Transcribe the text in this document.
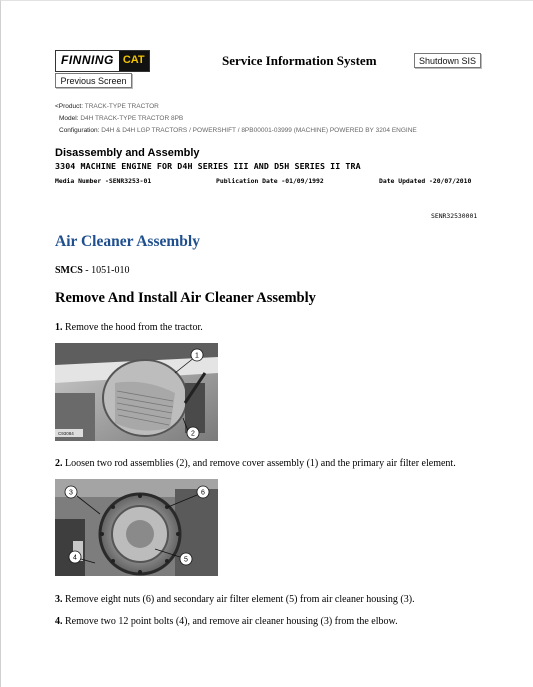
FINNING CAT	Service Information System	Shutdown SIS
Previous Screen
<Product: TRACK-TYPE TRACTOR
Model: D4H TRACK-TYPE TRACTOR 8PB
Configuration: D4H & D4H LGP TRACTORS / POWERSHIFT / 8PB00001-03999 (MACHINE) POWERED BY 3204 ENGINE
Disassembly and Assembly
3304 MACHINE ENGINE FOR D4H SERIES III AND D5H SERIES II TRA
Media Number -SENR3253-01	Publication Date -01/09/1992	Date Updated -20/07/2010
SENR32530001
Air Cleaner Assembly
SMCS - 1051-010
Remove And Install Air Cleaner Assembly
1. Remove the hood from the tractor.
C93084
1
2
2. Loosen two rod assemblies (2), and remove cover assembly (1) and the primary air filter element.
3
4	5
6
3. Remove eight nuts (6) and secondary air filter element (5) from air cleaner housing (3).
4. Remove two 12 point bolts (4), and remove air cleaner housing (3) from the elbow.
